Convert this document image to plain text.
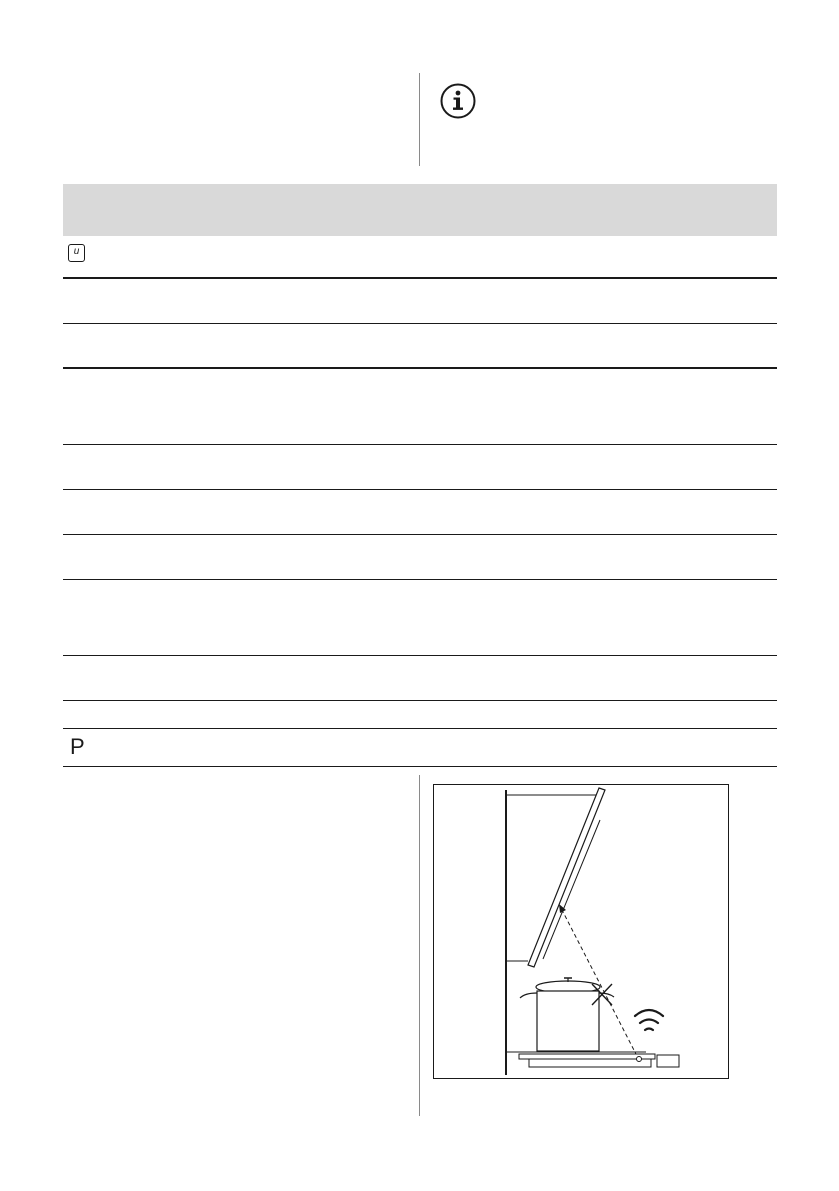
u
P
